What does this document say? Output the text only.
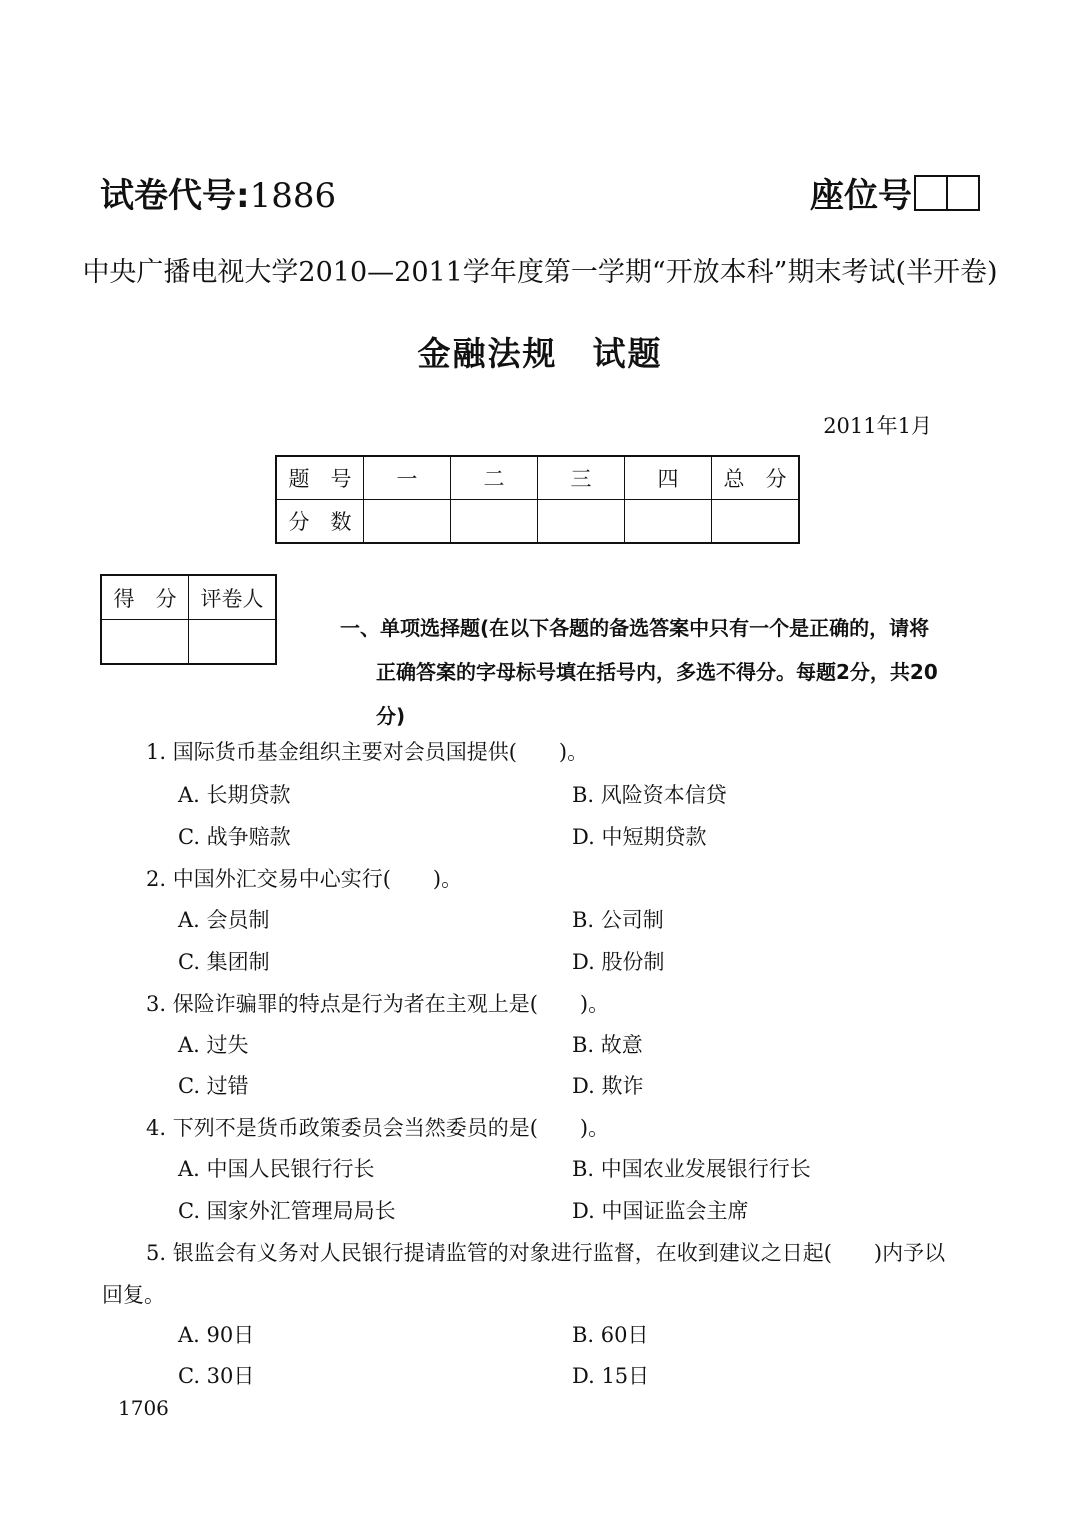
试卷代号:1886	座位号
中央广播电视大学2010—2011学年度第一学期“开放本科”期末考试(半开卷)
金融法规　试题
2011年1月
题　号	一	二	三	四	总　分
分　数					
得　分	评卷人

一、单项选择题(在以下各题的备选答案中只有一个是正确的，请将
正确答案的字母标号填在括号内，多选不得分。每题2分，共20
分)
1. 国际货币基金组织主要对会员国提供(　　)。
A. 长期贷款	B. 风险资本信贷
C. 战争赔款	D. 中短期贷款
2. 中国外汇交易中心实行(　　)。
A. 会员制	B. 公司制
C. 集团制	D. 股份制
3. 保险诈骗罪的特点是行为者在主观上是(　　)。
A. 过失	B. 故意
C. 过错	D. 欺诈
4. 下列不是货币政策委员会当然委员的是(　　)。
A. 中国人民银行行长	B. 中国农业发展银行行长
C. 国家外汇管理局局长	D. 中国证监会主席
5. 银监会有义务对人民银行提请监管的对象进行监督，在收到建议之日起(　　)内予以
回复。
A. 90日	B. 60日
C. 30日	D. 15日
1706
